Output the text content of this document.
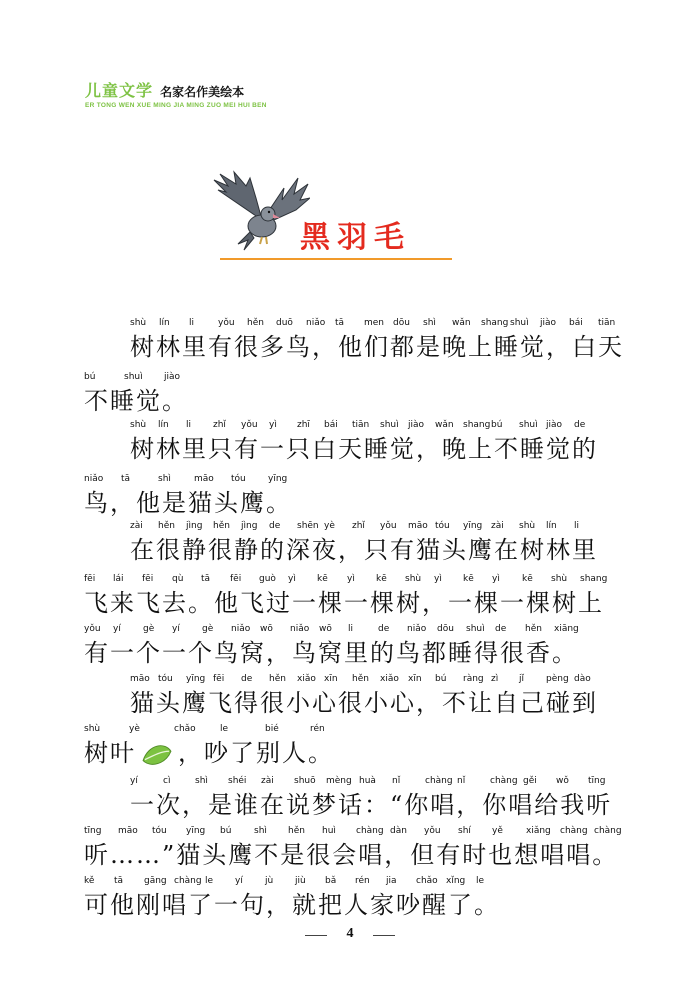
儿童文学 名家名作美绘本
ER TONG WEN XUE MING JIA MING ZUO MEI HUI BEN
黑羽毛
树林里有很多鸟，他们都是晚上睡觉，白天
shù lín li	yǒu hěn duō niǎo tā men dōu shì wǎn shang shuì jiào bái tiān
不睡觉。
bú	shuì jiào
树林里只有一只白天睡觉，晚上不睡觉的
shù lín li zhǐ yǒu yì zhī bái tiān shuì jiào wǎn shang bú shuì jiào de
鸟，他是猫头鹰。
niǎo tā	shì	māo tóu yīng
在很静很静的深夜，只有猫头鹰在树林里
zài hěn jìng hěn jìng de shēn yè zhǐ yǒu māo tóu yīng zài shù lín li
飞来飞去。他飞过一棵一棵树，一棵一棵树上
fēi lái fēi qù tā fēi guò yì kē yì kē shù yì kē yì kē shù shang
有一个一个鸟窝，鸟窝里的鸟都睡得很香。
yǒu yí gè yí gè niǎo wō niǎo wō li	de niǎo dōu shuì de hěn xiāng
猫头鹰飞得很小心很小心，不让自己碰到
māo tóu yīng fēi de hěn xiǎo xīn hěn xiǎo xīn bú ràng zì jǐ pèng dào
树叶 ，吵了别人。
shù	yè	chǎo	le	bié	rén
一次，是谁在说梦话：“你唱，你唱给我听
yí	cì	shì shéi zài shuō mèng huà nǐ	chàng nǐ	chàng gěi wǒ tīng
听……”猫头鹰不是很会唱，但有时也想唱唱。
tīng māo tóu yīng bú	shì hěn huì chàng dàn yǒu shí yě	xiǎng chàng chàng
可他刚唱了一句，就把人家吵醒了。
kě tā gāng chàng le yí jù jiù bǎ rén jia chǎo xǐng le
4
